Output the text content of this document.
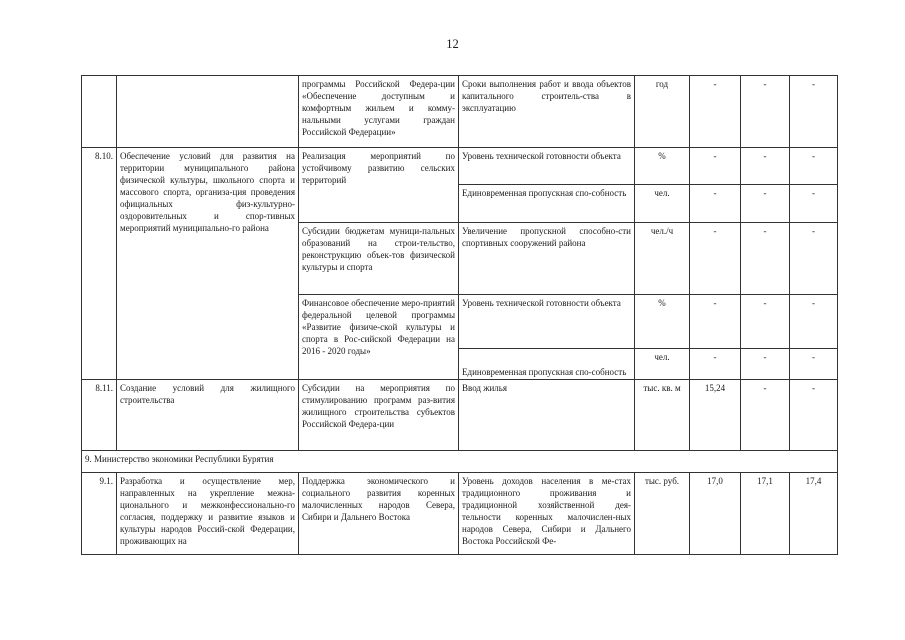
12
		программы Российской Федера-ции «Обеспечение доступным и комфортным жильем и комму-нальными услугами граждан Российской Федерации»	Сроки выполнения работ и ввода объектов капитального строитель-ства в эксплуатацию	год	-	-	-
8.10.	Обеспечение условий для развития на территории муниципального района физической культуры, школьного спорта и массового спорта, организа-ция проведения официальных физ-культурно-оздоровительных и спор-тивных мероприятий муниципально-го района	Реализация мероприятий по устойчивому развитию сельских территорий	Уровень технической готовности объекта	%	-	-	-
			Единовременная пропускная спо-собность	чел.	-	-	-
		Субсидии бюджетам муници-пальных образований на строи-тельство, реконструкцию объек-тов физической культуры и спорта	Увеличение пропускной способно-сти спортивных сооружений района	чел./ч	-	-	-
		Финансовое обеспечение меро-приятий федеральной целевой программы «Развитие физиче-ской культуры и спорта в Рос-сийской Федерации на 2016 - 2020 годы»	Уровень технической готовности объекта	%	-	-	-
			Единовременная пропускная спо-собность	чел.	-	-	-
8.11.	Создание условий для жилищного строительства	Субсидии на мероприятия по стимулированию программ раз-вития жилищного строительства субъектов Российской Федера-ции	Ввод жилья	тыс. кв. м	15,24	-	-
9. Министерство экономики Республики Бурятия							
9.1.	Разработка и осуществление мер, направленных на укрепление межна-ционального и межконфессионально-го согласия, поддержку и развитие языков и культуры народов Россий-ской Федерации, проживающих на	Поддержка экономического и социального развития коренных малочисленных народов Севера, Сибири и Дальнего Востока	Уровень доходов населения в ме-стах традиционного проживания и традиционной хозяйственной дея-тельности коренных малочислен-ных народов Севера, Сибири и Дальнего Востока Российской Фе-	тыс. руб.	17,0	17,1	17,4
